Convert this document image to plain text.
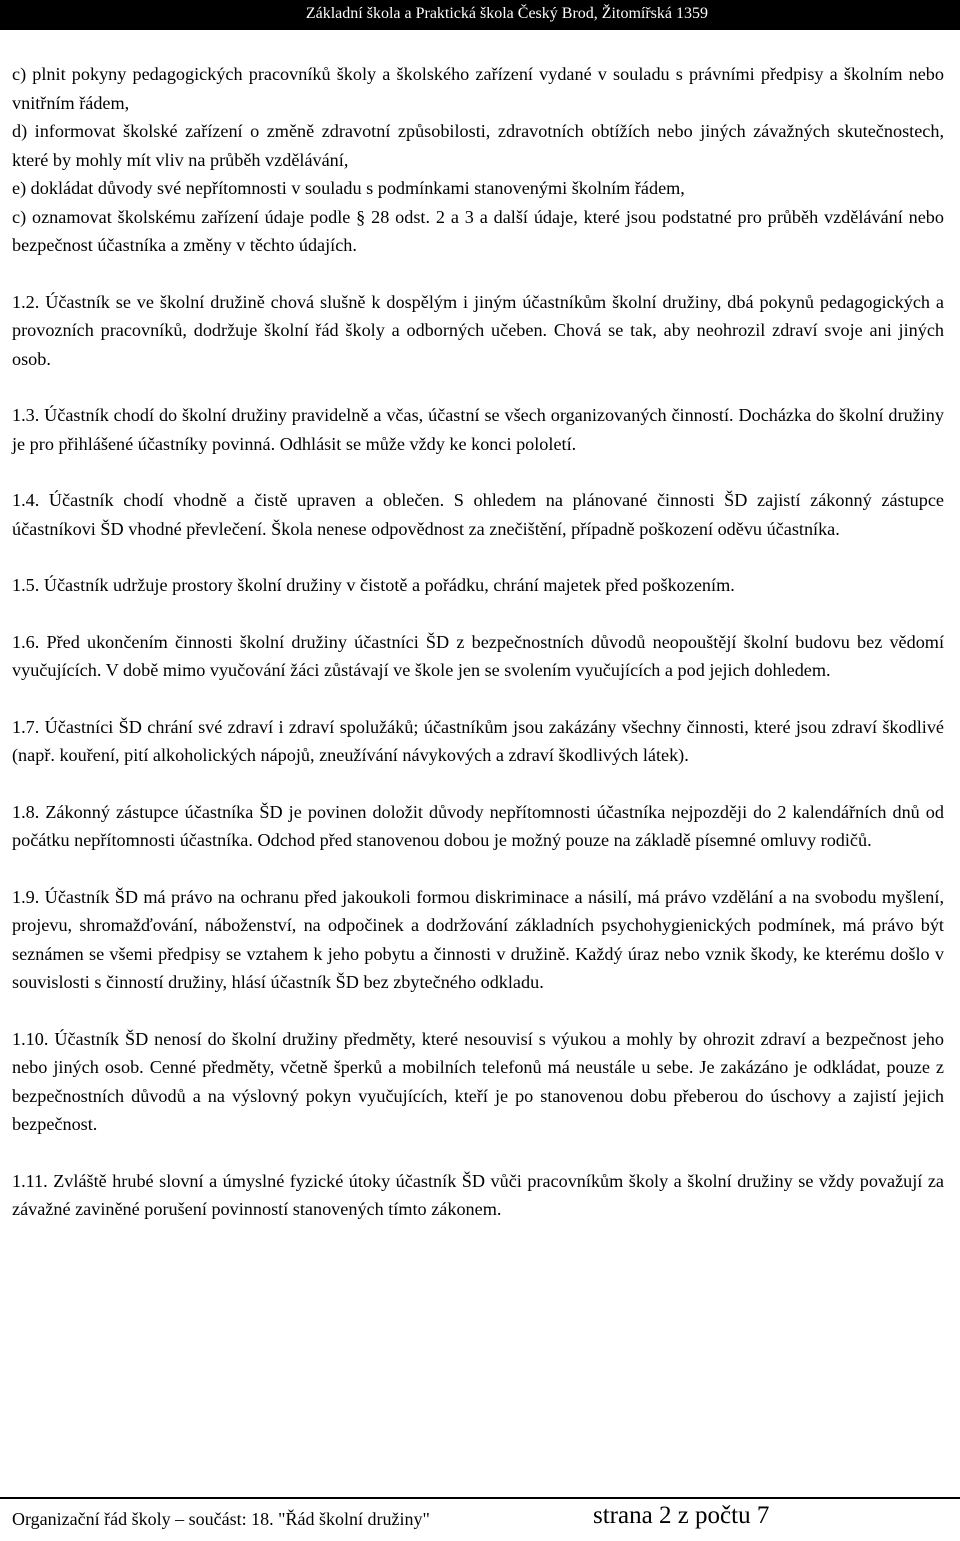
Základní škola a Praktická škola Český Brod, Žitomířská 1359
c) plnit pokyny pedagogických pracovníků školy a školského zařízení vydané v souladu s právními předpisy a školním nebo vnitřním řádem,
d) informovat školské zařízení o změně zdravotní způsobilosti, zdravotních obtížích nebo jiných závažných skutečnostech, které by mohly mít vliv na průběh vzdělávání,
e) dokládat důvody své nepřítomnosti v souladu s podmínkami stanovenými školním řádem,
c) oznamovat školskému zařízení údaje podle § 28 odst. 2 a 3 a další údaje, které jsou podstatné pro průběh vzdělávání nebo bezpečnost účastníka a změny v těchto údajích.

1.2. Účastník se ve školní družině chová slušně k dospělým i jiným účastníkům školní družiny, dbá pokynů pedagogických a provozních pracovníků, dodržuje školní řád školy a odborných učeben. Chová se tak, aby neohrozil zdraví svoje ani jiných osob.

1.3. Účastník chodí do školní družiny pravidelně a včas, účastní se všech organizovaných činností. Docházka do školní družiny je pro přihlášené účastníky povinná. Odhlásit se může vždy ke konci pololetí.

1.4. Účastník chodí vhodně a čistě upraven a oblečen. S ohledem na plánované činnosti ŠD zajistí zákonný zástupce účastníkovi ŠD vhodné převlečení. Škola nenese odpovědnost za znečištění, případně poškození oděvu účastníka.

1.5. Účastník udržuje prostory školní družiny v čistotě a pořádku, chrání majetek před poškozením.

1.6. Před ukončením činnosti školní družiny účastníci ŠD z bezpečnostních důvodů neopouštějí školní budovu bez vědomí vyučujících. V době mimo vyučování žáci zůstávají ve škole jen se svolením vyučujících a pod jejich dohledem.

1.7. Účastníci ŠD chrání své zdraví i zdraví spolužáků; účastníkům jsou zakázány všechny činnosti, které jsou zdraví škodlivé (např. kouření, pití alkoholických nápojů, zneužívání návykových a zdraví škodlivých látek).

1.8. Zákonný zástupce účastníka ŠD je povinen doložit důvody nepřítomnosti účastníka nejpozději do 2 kalendářních dnů od počátku nepřítomnosti účastníka. Odchod před stanovenou dobou je možný pouze na základě písemné omluvy rodičů.

1.9. Účastník ŠD má právo na ochranu před jakoukoli formou diskriminace a násilí, má právo vzdělání a na svobodu myšlení, projevu, shromažďování, náboženství, na odpočinek a dodržování základních psychohygienických podmínek, má právo být seznámen se všemi předpisy se vztahem k jeho pobytu a činnosti v družině. Každý úraz nebo vznik škody, ke kterému došlo v souvislosti s činností družiny, hlásí účastník ŠD bez zbytečného odkladu.

1.10. Účastník ŠD nenosí do školní družiny předměty, které nesouvisí s výukou a mohly by ohrozit zdraví a bezpečnost jeho nebo jiných osob. Cenné předměty, včetně šperků a mobilních telefonů má neustále u sebe. Je zakázáno je odkládat, pouze z bezpečnostních důvodů a na výslovný pokyn vyučujících, kteří je po stanovenou dobu přeberou do úschovy a zajistí jejich bezpečnost.

1.11. Zvláště hrubé slovní a úmyslné fyzické útoky účastník ŠD vůči pracovníkům školy a školní družiny se vždy považují za závažné zaviněné porušení povinností stanovených tímto zákonem.

Organizační řád školy – součást: 18. "Řád školní družiny"	strana 2 z počtu 7
